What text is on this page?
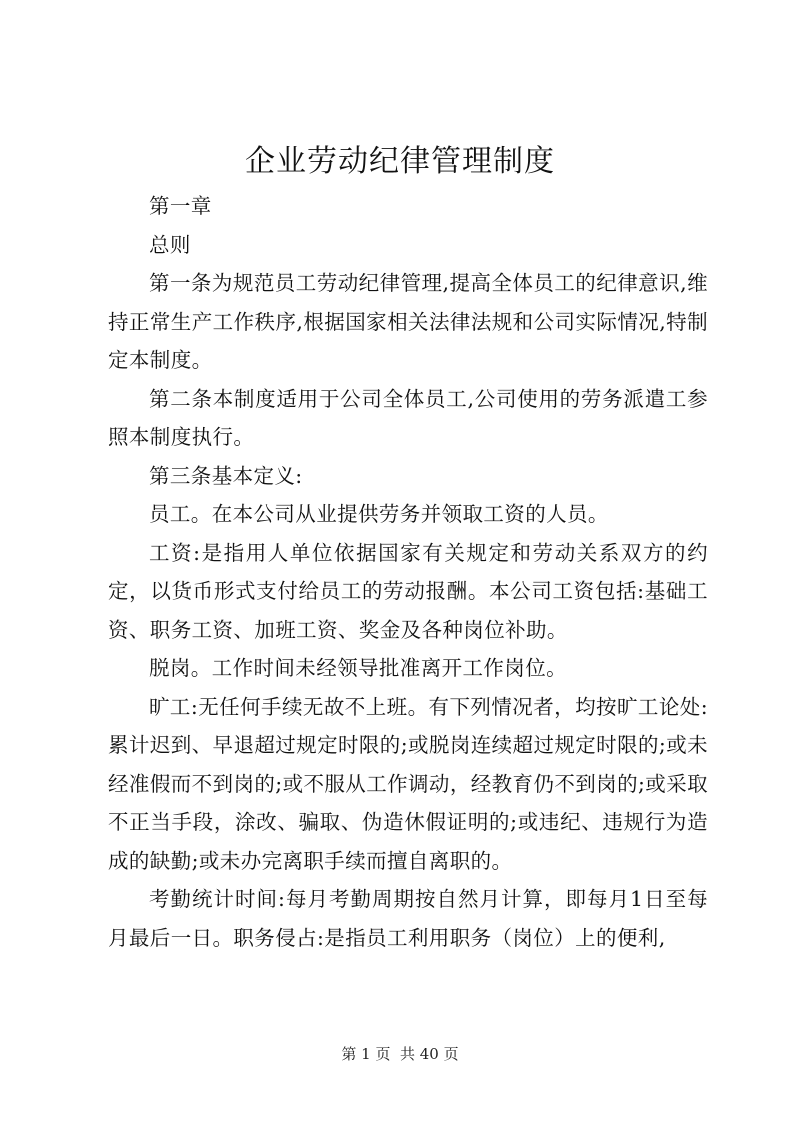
企业劳动纪律管理制度

第一章

总则

第一条为规范员工劳动纪律管理,提高全体员工的纪律意识,维持正常生产工作秩序,根据国家相关法律法规和公司实际情况,特制定本制度。

第二条本制度适用于公司全体员工,公司使用的劳务派遣工参照本制度执行。

第三条基本定义:

员工。在本公司从业提供劳务并领取工资的人员。

工资:是指用人单位依据国家有关规定和劳动关系双方的约定，以货币形式支付给员工的劳动报酬。本公司工资包括:基础工资、职务工资、加班工资、奖金及各种岗位补助。

脱岗。工作时间未经领导批准离开工作岗位。

旷工:无任何手续无故不上班。有下列情况者，均按旷工论处:累计迟到、早退超过规定时限的;或脱岗连续超过规定时限的;或未经准假而不到岗的;或不服从工作调动，经教育仍不到岗的;或采取不正当手段，涂改、骗取、伪造休假证明的;或违纪、违规行为造成的缺勤;或未办完离职手续而擅自离职的。

考勤统计时间:每月考勤周期按自然月计算，即每月1日至每月最后一日。职务侵占:是指员工利用职务（岗位）上的便利,

第 1 页  共 40 页
